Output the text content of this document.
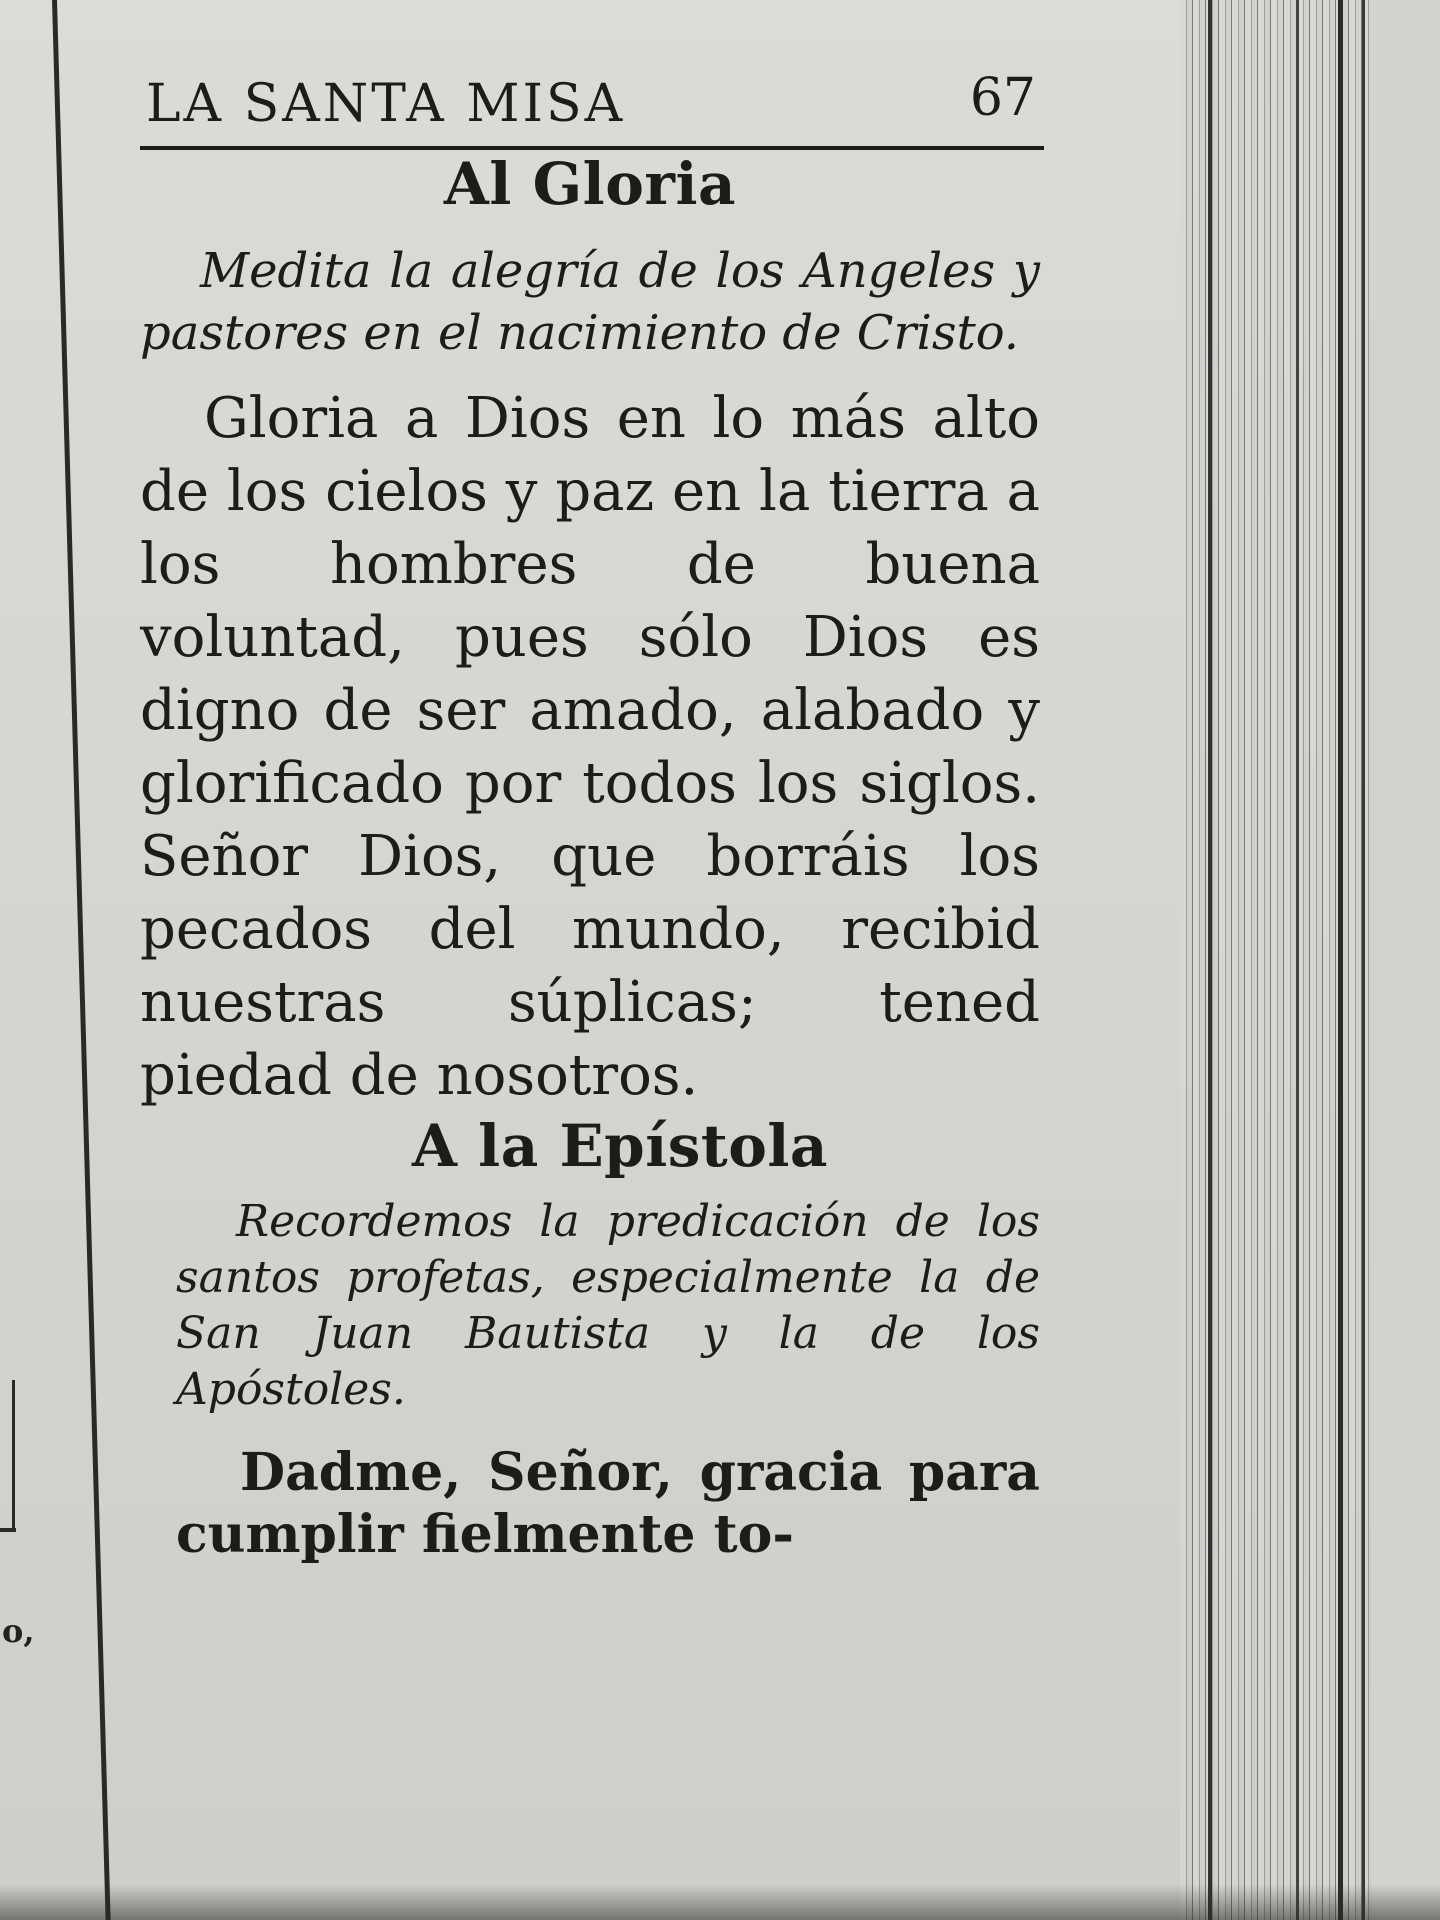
o,
LA SANTA MISA	67
Al Gloria

Medita la alegría de los Angeles y pastores en el nacimiento de Cristo.

Gloria a Dios en lo más alto de los cielos y paz en la tierra a los hombres de buena voluntad, pues sólo Dios es digno de ser amado, alabado y glorificado por todos los siglos. Señor Dios, que borráis los pecados del mundo, recibid nuestras súplicas; tened piedad de nosotros.

A la Epístola

Recordemos la predicación de los santos profetas, especialmente la de San Juan Bautista y la de los Apóstoles.

Dadme, Señor, gracia para cumplir fielmente to-
